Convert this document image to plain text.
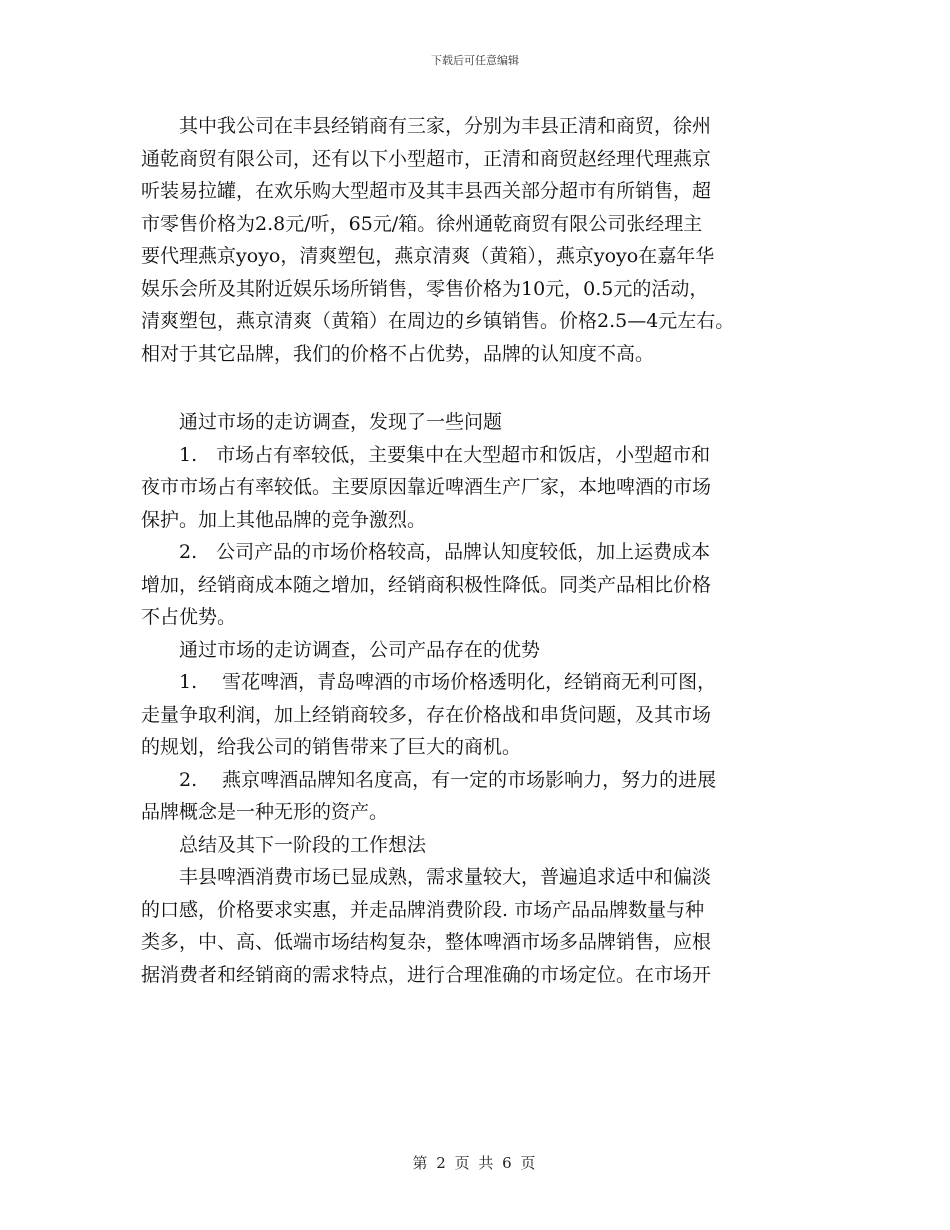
下载后可任意编辑
　　其中我公司在丰县经销商有三家，分别为丰县正清和商贸，徐州
通乾商贸有限公司，还有以下小型超市，正清和商贸赵经理代理燕京
听装易拉罐，在欢乐购大型超市及其丰县西关部分超市有所销售，超
市零售价格为2.8元/听，65元/箱。徐州通乾商贸有限公司张经理主
要代理燕京yoyo，清爽塑包，燕京清爽（黄箱），燕京yoyo在嘉年华
娱乐会所及其附近娱乐场所销售，零售价格为10元，0.5元的活动，
清爽塑包，燕京清爽（黄箱）在周边的乡镇销售。价格2.5—4元左右。
相对于其它品牌，我们的价格不占优势，品牌的认知度不高。
　　通过市场的走访调查，发现了一些问题
　　1.　市场占有率较低，主要集中在大型超市和饭店，小型超市和
夜市市场占有率较低。主要原因靠近啤酒生产厂家，本地啤酒的市场
保护。加上其他品牌的竞争激烈。
　　2.　公司产品的市场价格较高，品牌认知度较低，加上运费成本
增加，经销商成本随之增加，经销商积极性降低。同类产品相比价格
不占优势。
　　通过市场的走访调查，公司产品存在的优势
　　1.　 雪花啤酒，青岛啤酒的市场价格透明化，经销商无利可图，
走量争取利润，加上经销商较多，存在价格战和串货问题，及其市场
的规划，给我公司的销售带来了巨大的商机。
　　2.　 燕京啤酒品牌知名度高，有一定的市场影响力，努力的进展
品牌概念是一种无形的资产。
　　总结及其下一阶段的工作想法
　　丰县啤酒消费市场已显成熟，需求量较大，普遍追求适中和偏淡
的口感，价格要求实惠，并走品牌消费阶段. 市场产品品牌数量与种
类多，中、高、低端市场结构复杂，整体啤酒市场多品牌销售，应根
据消费者和经销商的需求特点，进行合理准确的市场定位。在市场开
第 2 页 共 6 页
